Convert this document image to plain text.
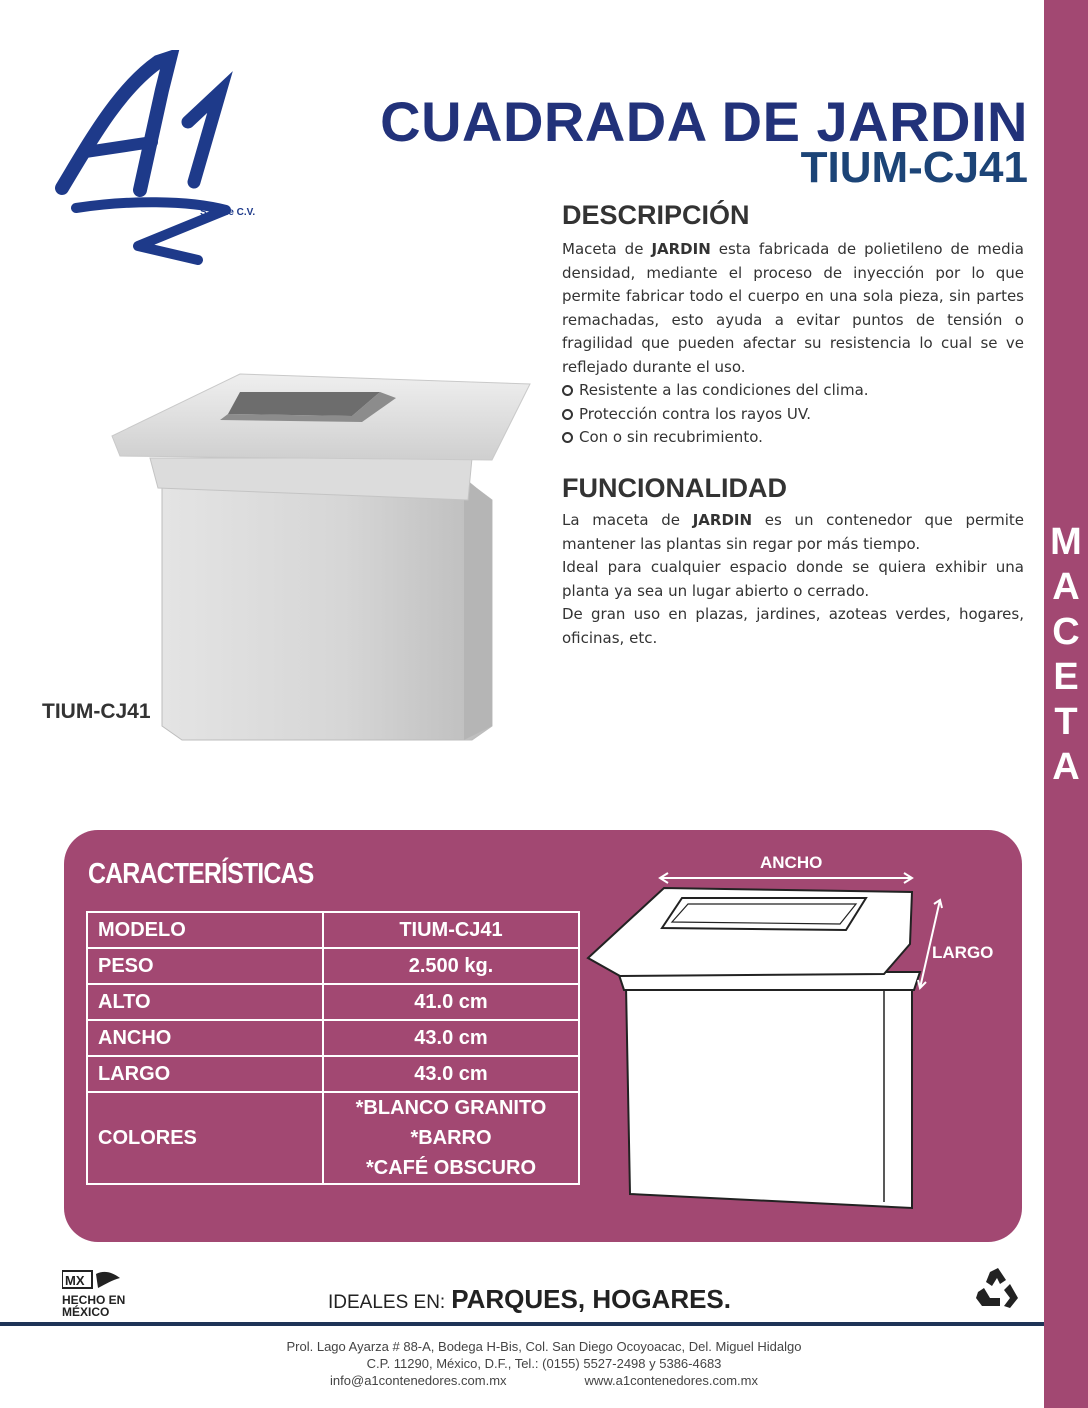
M
A
C
E
T
A
A1
S.A. de C.V.
CUADRADA DE JARDIN
TIUM-CJ41
DESCRIPCIÓN

Maceta de JARDIN esta fabricada de polietileno de media densidad, mediante el proceso de inyección por lo que permite fabricar todo el cuerpo en una sola pieza, sin partes remachadas, esto ayuda a evitar puntos de tensión o fragilidad que pueden afectar su resistencia lo cual se ve reflejado durante el uso.

Resistente a las condiciones del clima.
Protección contra los rayos UV.
Con o sin recubrimiento.
FUNCIONALIDAD

La maceta de JARDIN es un contenedor que permite mantener las plantas sin regar por más tiempo.

Ideal para cualquier espacio donde se quiera exhibir una planta ya sea un lugar abierto o cerrado.

De gran uso en plazas, jardines, azoteas verdes, hogares, oficinas, etc.

TIUM-CJ41
CARACTERÍSTICAS
MODELO	TIUM-CJ41
PESO	2.500 kg.
ALTO	41.0 cm
ANCHO	43.0 cm
LARGO	43.0 cm
COLORES	*BLANCO GRANITO
*BARRO
*CAFÉ OBSCURO
ANCHO
LARGO
MX
HECHO EN
MÉXICO	IDEALES EN: PARQUES, HOGARES.
Prol. Lago Ayarza # 88-A, Bodega H-Bis, Col. San Diego Ocoyoacac, Del. Miguel Hidalgo
C.P. 11290, México, D.F., Tel.: (0155) 5527-2498 y 5386-4683
info@a1contenedores.com.mx	www.a1contenedores.com.mx
